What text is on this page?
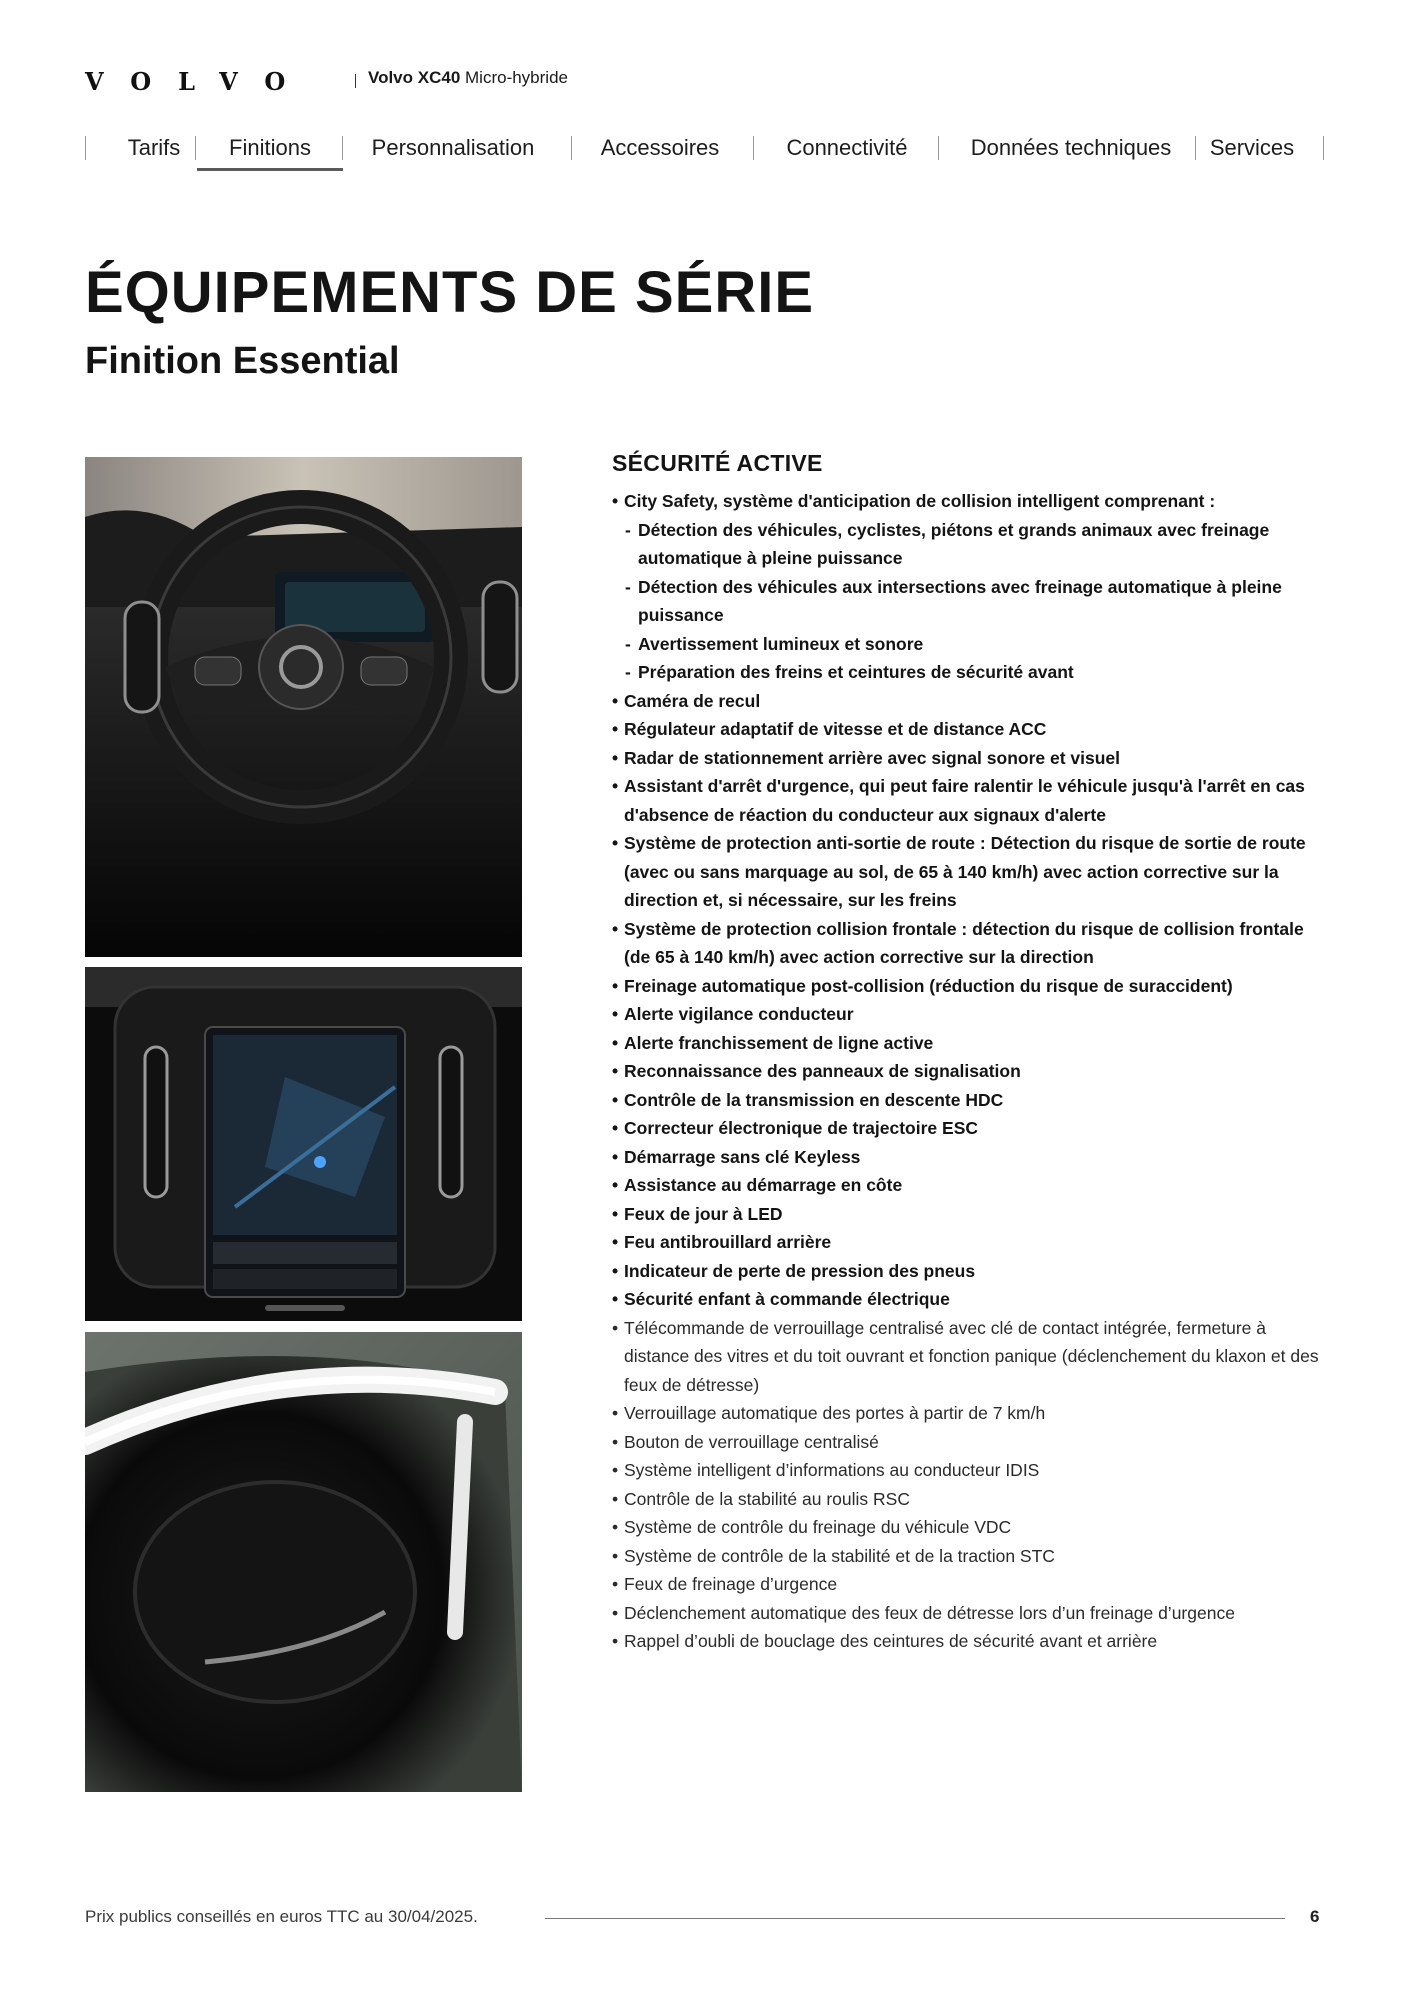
VOLVO	Volvo XC40 Micro-hybride
Tarifs	Finitions	Personnalisation	Accessoires	Connectivité	Données techniques	Services
ÉQUIPEMENTS DE SÉRIE
Finition Essential
SÉCURITÉ ACTIVE
• City Safety, système d'anticipation de collision intelligent comprenant :
- Détection des véhicules, cyclistes, piétons et grands animaux avec freinage automatique à pleine puissance
- Détection des véhicules aux intersections avec freinage automatique à pleine puissance
- Avertissement lumineux et sonore
- Préparation des freins et ceintures de sécurité avant
• Caméra de recul
• Régulateur adaptatif de vitesse et de distance ACC
• Radar de stationnement arrière avec signal sonore et visuel
• Assistant d'arrêt d'urgence, qui peut faire ralentir le véhicule jusqu'à l'arrêt en cas d'absence de réaction du conducteur aux signaux d'alerte
• Système de protection anti-sortie de route : Détection du risque de sortie de route (avec ou sans marquage au sol, de 65 à 140 km/h) avec action corrective sur la direction et, si nécessaire, sur les freins
• Système de protection collision frontale : détection du risque de collision frontale (de 65 à 140 km/h) avec action corrective sur la direction
• Freinage automatique post-collision (réduction du risque de suraccident)
• Alerte vigilance conducteur
• Alerte franchissement de ligne active
• Reconnaissance des panneaux de signalisation
• Contrôle de la transmission en descente HDC
• Correcteur électronique de trajectoire ESC
• Démarrage sans clé Keyless
• Assistance au démarrage en côte
• Feux de jour à LED
• Feu antibrouillard arrière
• Indicateur de perte de pression des pneus
• Sécurité enfant à commande électrique
• Télécommande de verrouillage centralisé avec clé de contact intégrée, fermeture à distance des vitres et du toit ouvrant et fonction panique (déclenchement du klaxon et des feux de détresse)
• Verrouillage automatique des portes à partir de 7 km/h
• Bouton de verrouillage centralisé
• Système intelligent d’informations au conducteur IDIS
• Contrôle de la stabilité au roulis RSC
• Système de contrôle du freinage du véhicule VDC
• Système de contrôle de la stabilité et de la traction STC
• Feux de freinage d’urgence
• Déclenchement automatique des feux de détresse lors d’un freinage d’urgence
• Rappel d’oubli de bouclage des ceintures de sécurité avant et arrière
Prix publics conseillés en euros TTC au 30/04/2025.	6
